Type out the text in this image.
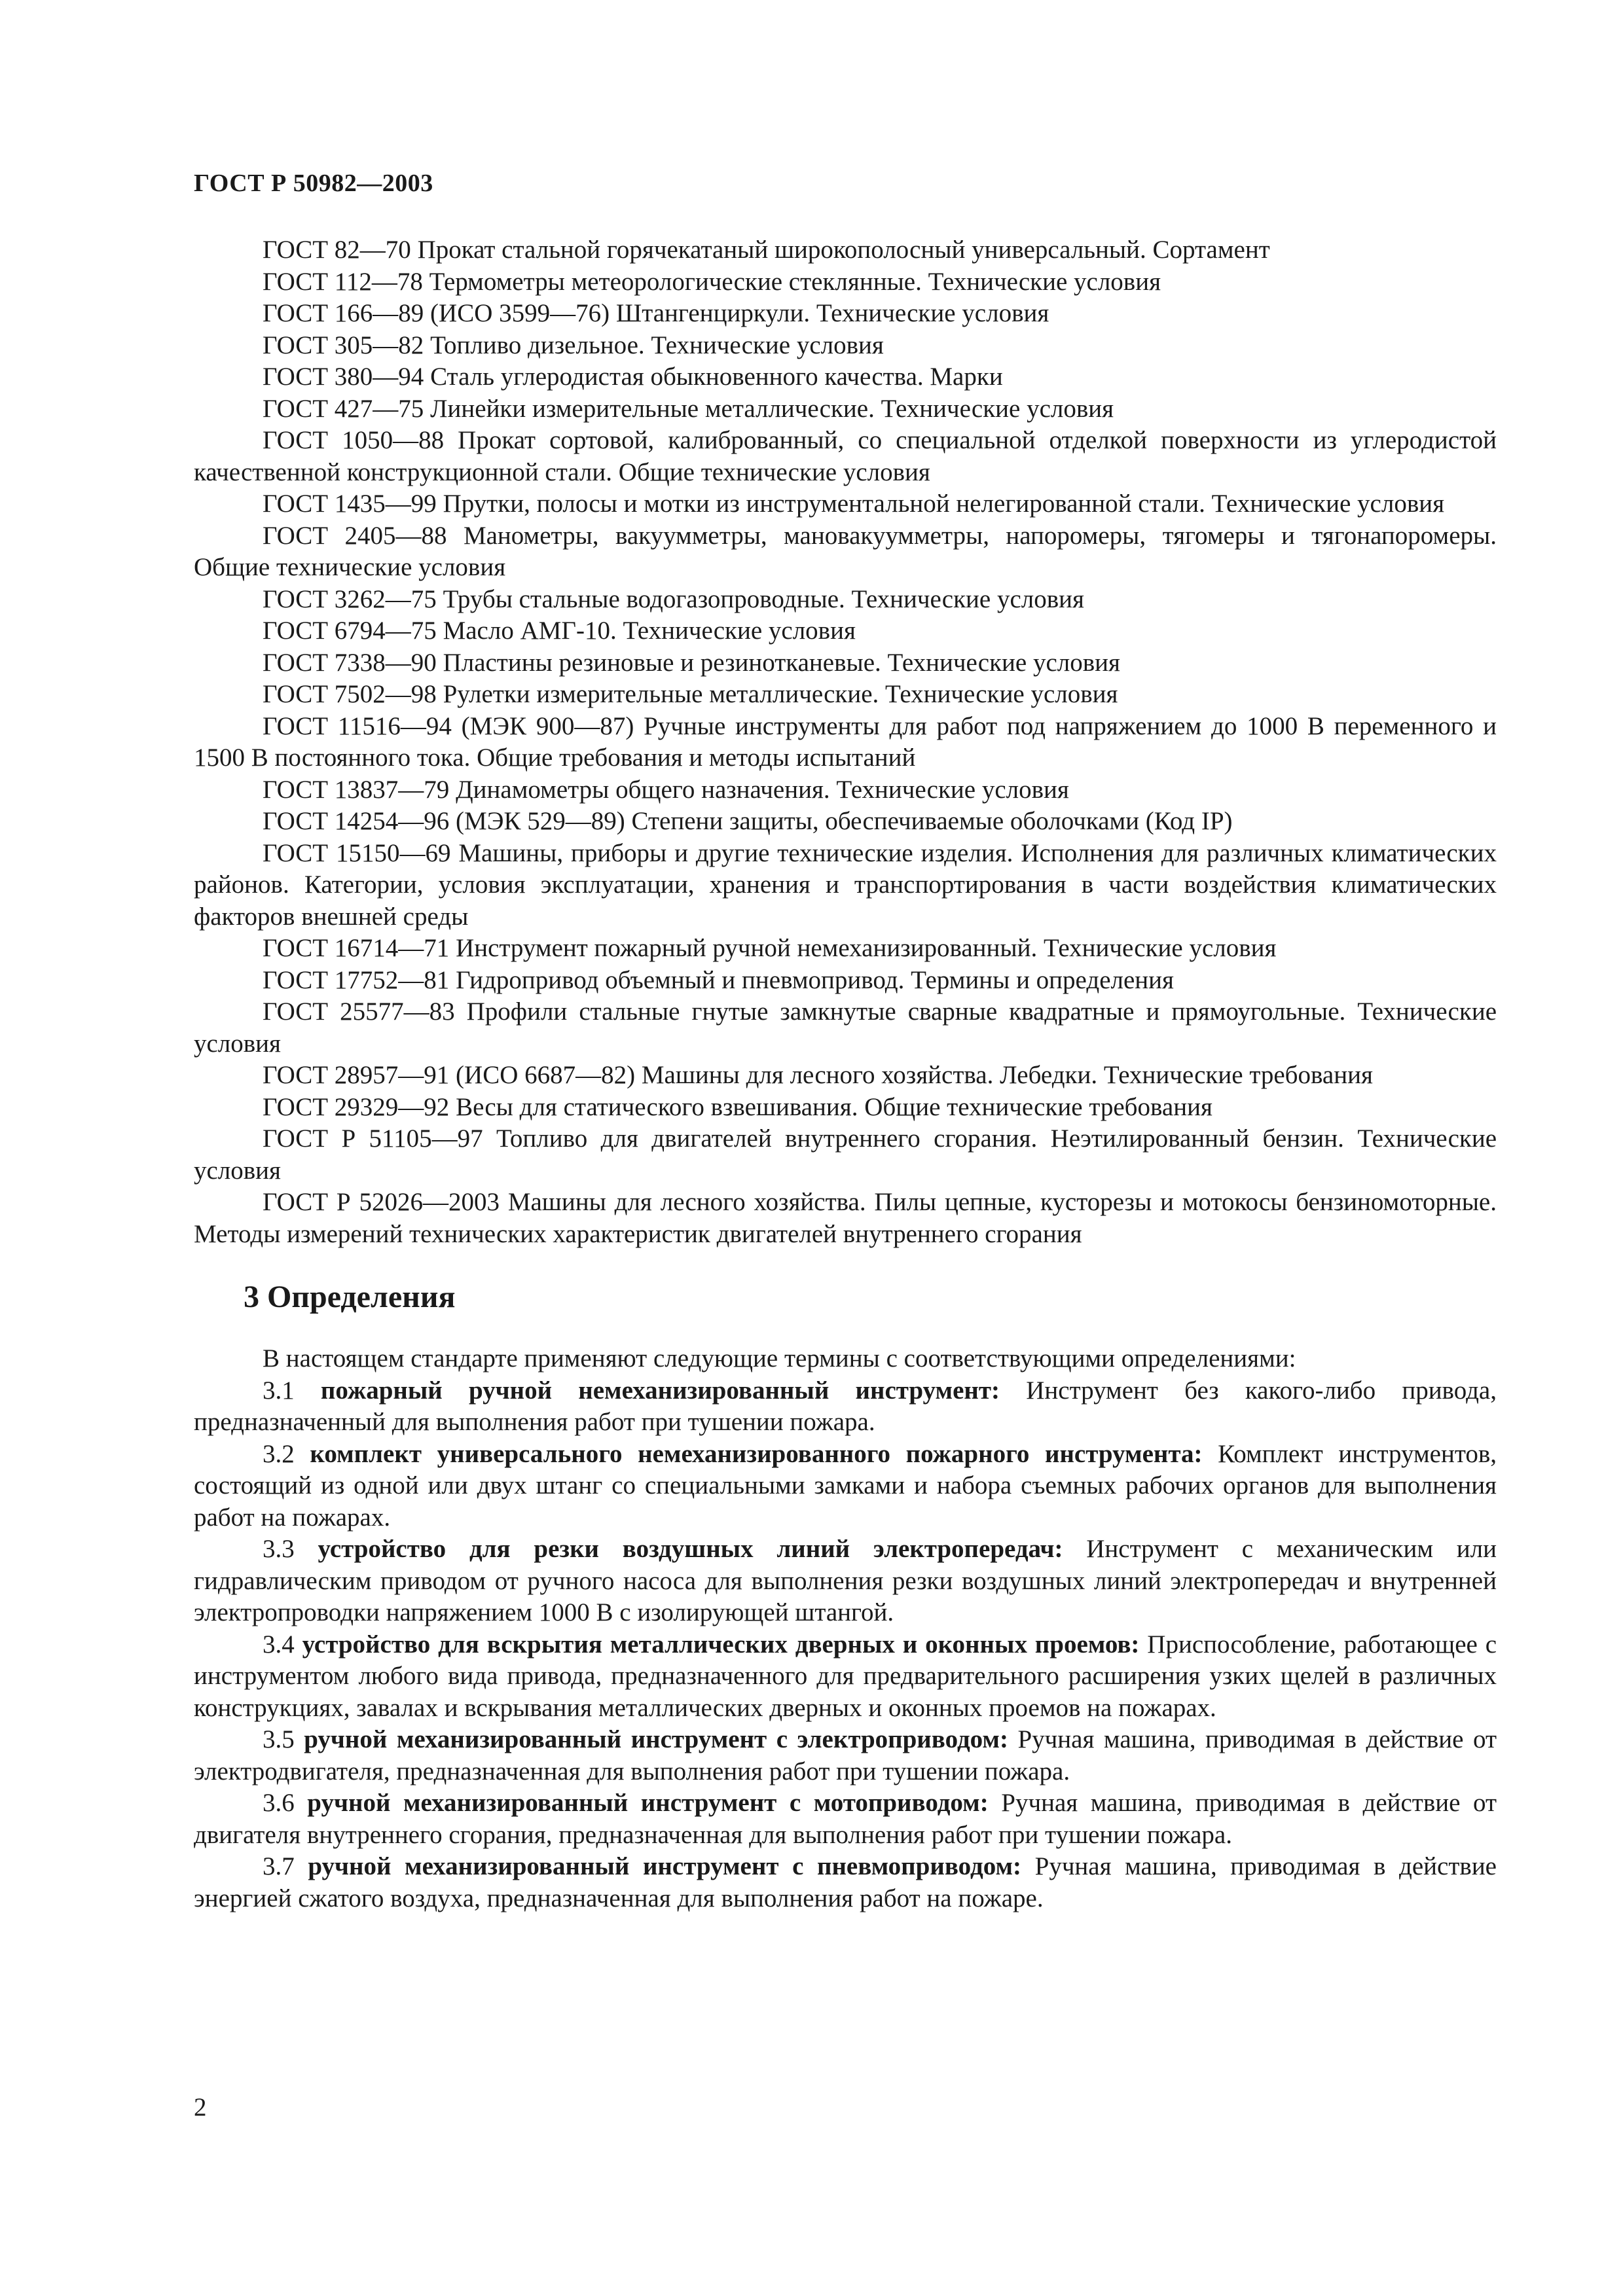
ГОСТ Р 50982—2003

ГОСТ 82—70 Прокат стальной горячекатаный широкополосный универсальный. Сортамент

ГОСТ 112—78 Термометры метеорологические стеклянные. Технические условия

ГОСТ 166—89 (ИСО 3599—76) Штангенциркули. Технические условия

ГОСТ 305—82 Топливо дизельное. Технические условия

ГОСТ 380—94 Сталь углеродистая обыкновенного качества. Марки

ГОСТ 427—75 Линейки измерительные металлические. Технические условия

ГОСТ 1050—88 Прокат сортовой, калиброванный, со специальной отделкой поверхности из углеродистой качественной конструкционной стали. Общие технические условия

ГОСТ 1435—99 Прутки, полосы и мотки из инструментальной нелегированной стали. Технические условия

ГОСТ 2405—88 Манометры, вакуумметры, мановакуумметры, напоромеры, тягомеры и тягонапоромеры. Общие технические условия

ГОСТ 3262—75 Трубы стальные водогазопроводные. Технические условия

ГОСТ 6794—75 Масло АМГ-10. Технические условия

ГОСТ 7338—90 Пластины резиновые и резинотканевые. Технические условия

ГОСТ 7502—98 Рулетки измерительные металлические. Технические условия

ГОСТ 11516—94 (МЭК 900—87) Ручные инструменты для работ под напряжением до 1000 В переменного и 1500 В постоянного тока. Общие требования и методы испытаний

ГОСТ 13837—79 Динамометры общего назначения. Технические условия

ГОСТ 14254—96 (МЭК 529—89) Степени защиты, обеспечиваемые оболочками (Код IP)

ГОСТ 15150—69 Машины, приборы и другие технические изделия. Исполнения для различных климатических районов. Категории, условия эксплуатации, хранения и транспортирования в части воздействия климатических факторов внешней среды

ГОСТ 16714—71 Инструмент пожарный ручной немеханизированный. Технические условия

ГОСТ 17752—81 Гидропривод объемный и пневмопривод. Термины и определения

ГОСТ 25577—83 Профили стальные гнутые замкнутые сварные квадратные и прямоугольные. Технические условия

ГОСТ 28957—91 (ИСО 6687—82) Машины для лесного хозяйства. Лебедки. Технические требования

ГОСТ 29329—92 Весы для статического взвешивания. Общие технические требования

ГОСТ Р 51105—97 Топливо для двигателей внутреннего сгорания. Неэтилированный бензин. Технические условия

ГОСТ Р 52026—2003 Машины для лесного хозяйства. Пилы цепные, кусторезы и мотокосы бензиномоторные. Методы измерений технических характеристик двигателей внутреннего сгорания

3 Определения

В настоящем стандарте применяют следующие термины с соответствующими определениями:

3.1 пожарный ручной немеханизированный инструмент: Инструмент без какого-либо привода, предназначенный для выполнения работ при тушении пожара.

3.2 комплект универсального немеханизированного пожарного инструмента: Комплект инструментов, состоящий из одной или двух штанг со специальными замками и набора съемных рабочих органов для выполнения работ на пожарах.

3.3 устройство для резки воздушных линий электропередач: Инструмент с механическим или гидравлическим приводом от ручного насоса для выполнения резки воздушных линий электропередач и внутренней электропроводки напряжением 1000 В с изолирующей штангой.

3.4 устройство для вскрытия металлических дверных и оконных проемов: Приспособление, работающее с инструментом любого вида привода, предназначенного для предварительного расширения узких щелей в различных конструкциях, завалах и вскрывания металлических дверных и оконных проемов на пожарах.

3.5 ручной механизированный инструмент с электроприводом: Ручная машина, приводимая в действие от электродвигателя, предназначенная для выполнения работ при тушении пожара.

3.6 ручной механизированный инструмент с мотоприводом: Ручная машина, приводимая в действие от двигателя внутреннего сгорания, предназначенная для выполнения работ при тушении пожара.

3.7 ручной механизированный инструмент с пневмоприводом: Ручная машина, приводимая в действие энергией сжатого воздуха, предназначенная для выполнения работ на пожаре.

2
